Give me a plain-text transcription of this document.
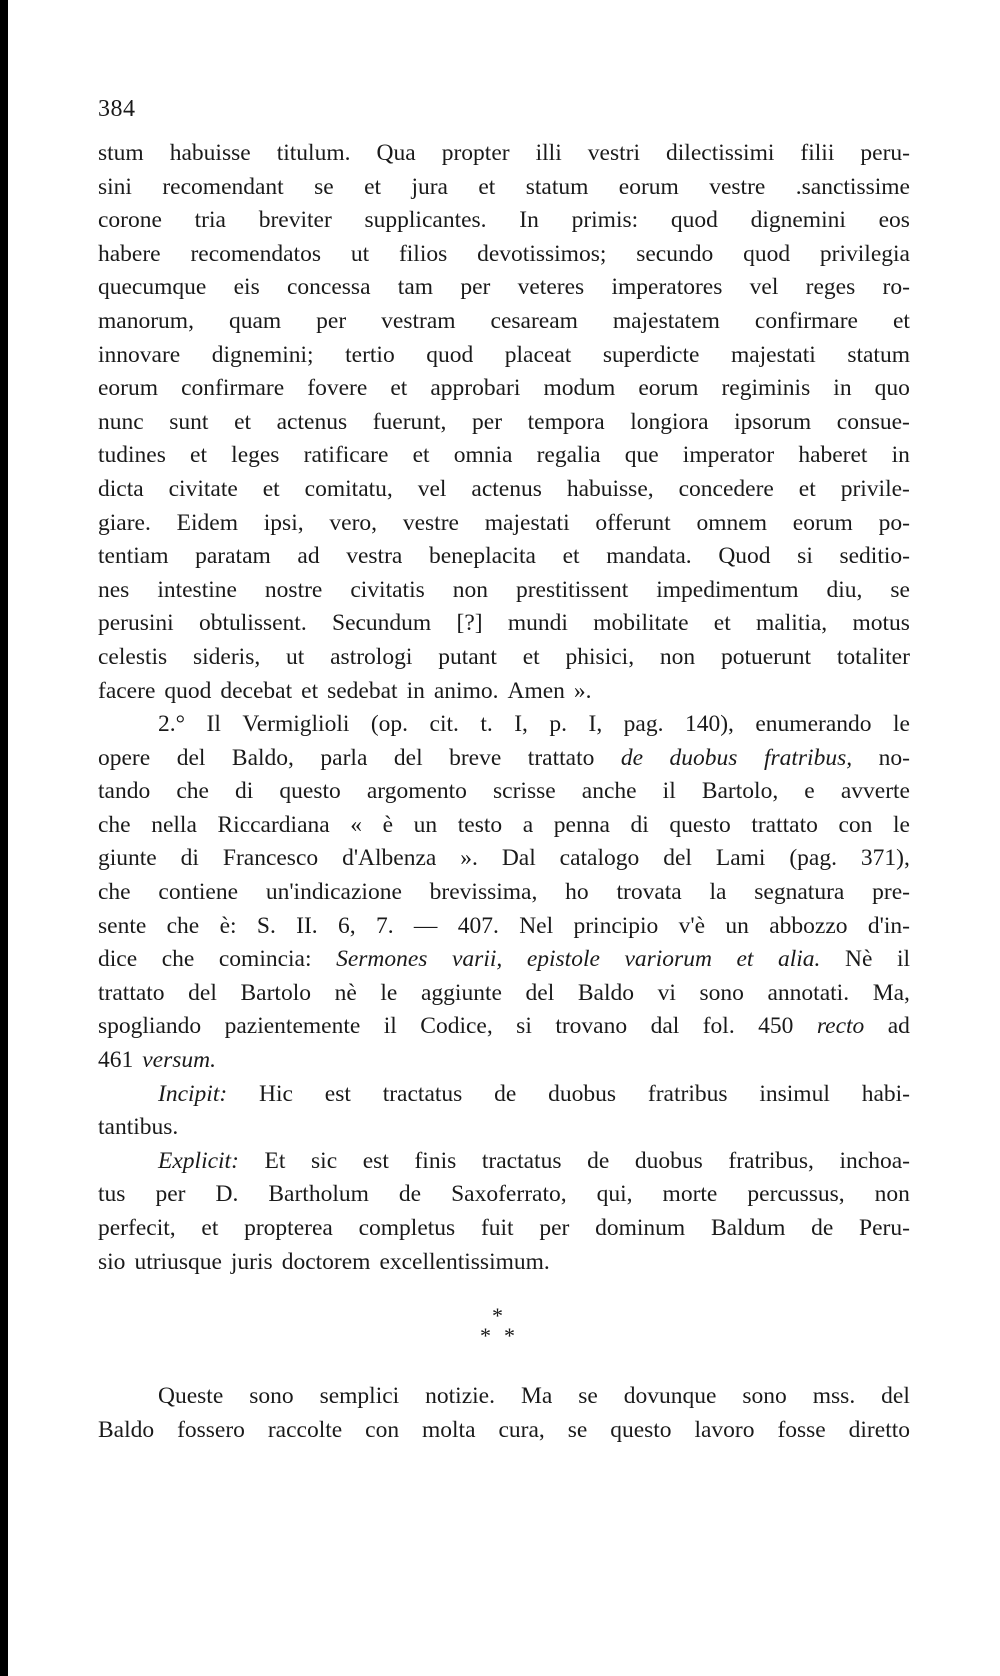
384
stum habuisse titulum. Qua propter illi vestri dilectissimi filii peru-
sini recomendant se et jura et statum eorum vestre .sanctissime
corone tria breviter supplicantes. In primis: quod dignemini eos
habere recomendatos ut filios devotissimos; secundo quod privilegia
quecumque eis concessa tam per veteres imperatores vel reges ro-
manorum, quam per vestram cesaream majestatem confirmare et
innovare dignemini; tertio quod placeat superdicte majestati statum
eorum confirmare fovere et approbari modum eorum regiminis in quo
nunc sunt et actenus fuerunt, per tempora longiora ipsorum consue-
tudines et leges ratificare et omnia regalia que imperator haberet in
dicta civitate et comitatu, vel actenus habuisse, concedere et privile-
giare. Eidem ipsi, vero, vestre majestati offerunt omnem eorum po-
tentiam paratam ad vestra beneplacita et mandata. Quod si seditio-
nes intestine nostre civitatis non prestitissent impedimentum diu, se
perusini obtulissent. Secundum [?] mundi mobilitate et malitia, motus
celestis sideris, ut astrologi putant et phisici, non potuerunt totaliter
facere quod decebat et sedebat in animo. Amen ».
2.° Il Vermiglioli (op. cit. t. I, p. I, pag. 140), enumerando le
opere del Baldo, parla del breve trattato de duobus fratribus, no-
tando che di questo argomento scrisse anche il Bartolo, e avverte
che nella Riccardiana « è un testo a penna di questo trattato con le
giunte di Francesco d'Albenza ». Dal catalogo del Lami (pag. 371),
che contiene un'indicazione brevissima, ho trovata la segnatura pre-
sente che è: S. II. 6, 7. — 407. Nel principio v'è un abbozzo d'in-
dice che comincia: Sermones varii, epistole variorum et alia. Nè il
trattato del Bartolo nè le aggiunte del Baldo vi sono annotati. Ma,
spogliando pazientemente il Codice, si trovano dal fol. 450 recto ad
461 versum.
Incipit: Hic est tractatus de duobus fratribus insimul habi-
tantibus.
Explicit: Et sic est finis tractatus de duobus fratribus, inchoa-
tus per D. Bartholum de Saxoferrato, qui, morte percussus, non
perfecit, et propterea completus fuit per dominum Baldum de Peru-
sio utriusque juris doctorem excellentissimum.
*
* *
Queste sono semplici notizie. Ma se dovunque sono mss. del
Baldo fossero raccolte con molta cura, se questo lavoro fosse diretto
